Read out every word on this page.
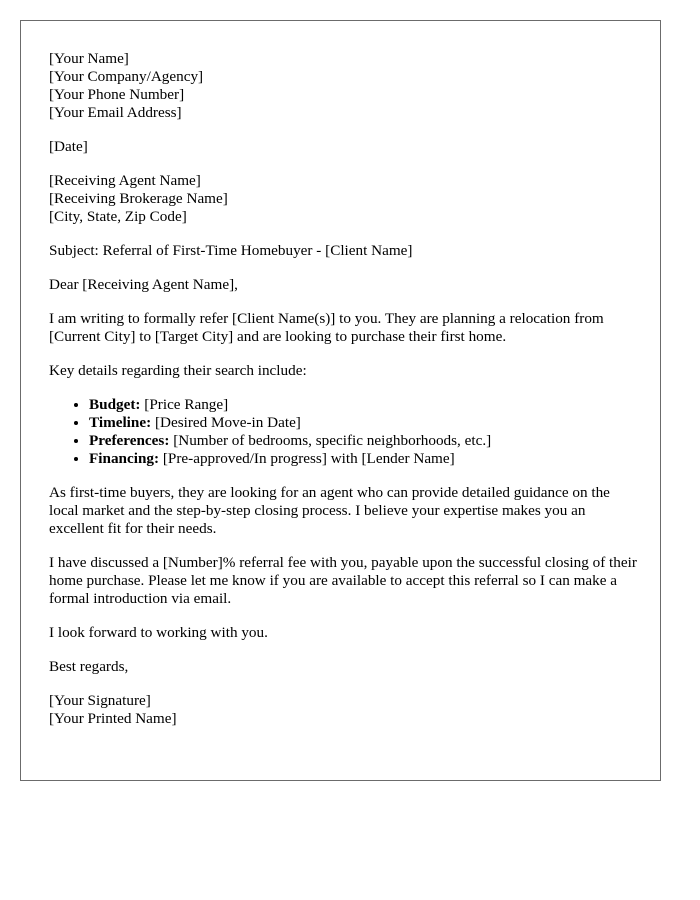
[Your Name]
[Your Company/Agency]
[Your Phone Number]
[Your Email Address]

[Date]

[Receiving Agent Name]
[Receiving Brokerage Name]
[City, State, Zip Code]

Subject: Referral of First-Time Homebuyer - [Client Name]

Dear [Receiving Agent Name],

I am writing to formally refer [Client Name(s)] to you. They are planning a relocation from [Current City] to [Target City] and are looking to purchase their first home.

Key details regarding their search include:

• Budget: [Price Range]
• Timeline: [Desired Move-in Date]
• Preferences: [Number of bedrooms, specific neighborhoods, etc.]
• Financing: [Pre-approved/In progress] with [Lender Name]

As first-time buyers, they are looking for an agent who can provide detailed guidance on the local market and the step-by-step closing process. I believe your expertise makes you an excellent fit for their needs.

I have discussed a [Number]% referral fee with you, payable upon the successful closing of their home purchase. Please let me know if you are available to accept this referral so I can make a formal introduction via email.

I look forward to working with you.

Best regards,

[Your Signature]
[Your Printed Name]
